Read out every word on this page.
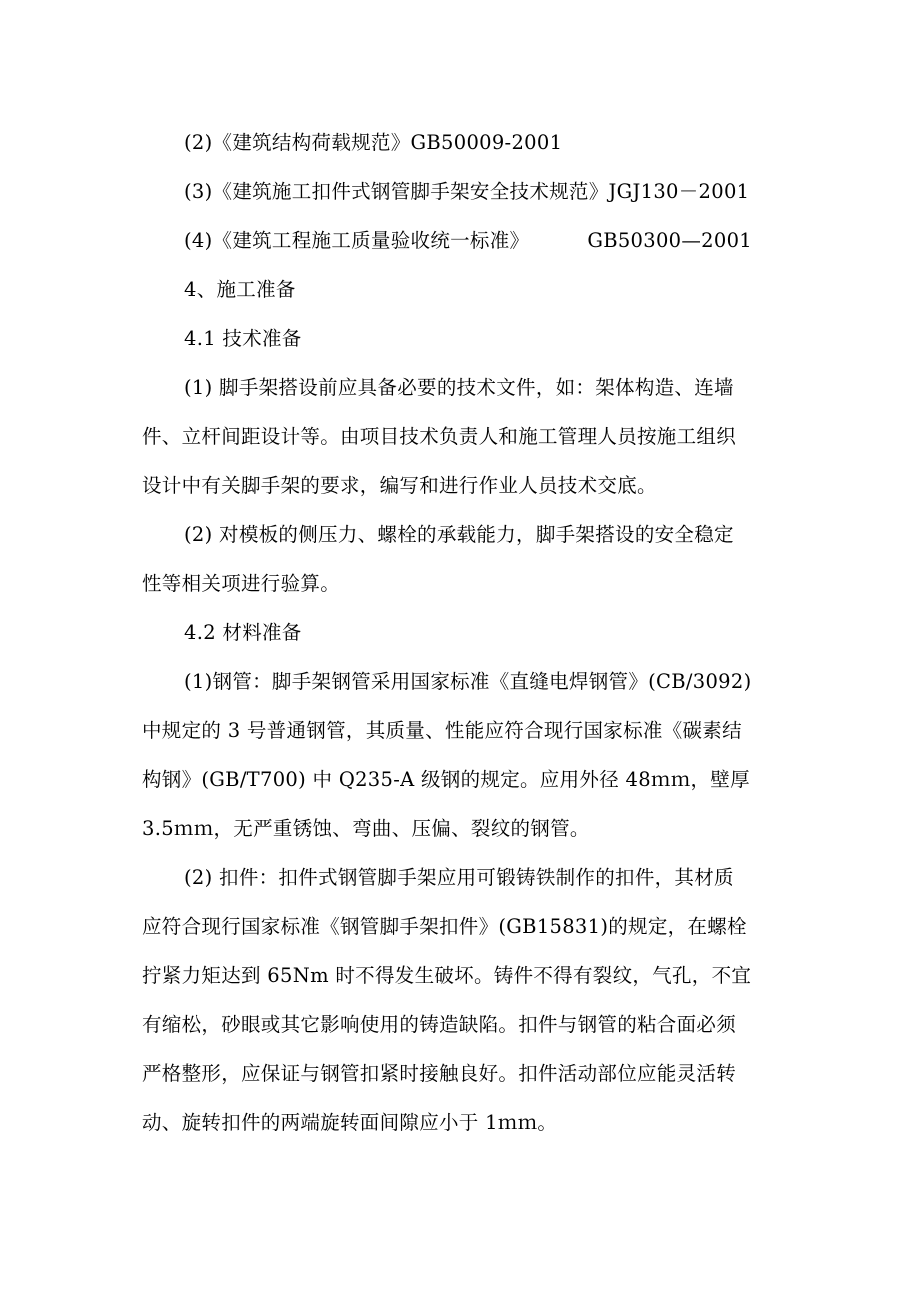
(2)《建筑结构荷载规范》GB50009-2001
(3)《建筑施工扣件式钢管脚手架安全技术规范》JGJ130－2001
(4)《建筑工程施工质量验收统一标准》	GB50300—2001
4、施工准备
4.1 技术准备
(1) 脚手架搭设前应具备必要的技术文件，如：架体构造、连墙
件、立杆间距设计等。由项目技术负责人和施工管理人员按施工组织
设计中有关脚手架的要求，编写和进行作业人员技术交底。
(2) 对模板的侧压力、螺栓的承载能力，脚手架搭设的安全稳定
性等相关项进行验算。
4.2 材料准备
(1)钢管：脚手架钢管采用国家标准《直缝电焊钢管》(CB/3092)
中规定的 3 号普通钢管，其质量、性能应符合现行国家标准《碳素结
构钢》(GB/T700) 中 Q235-A 级钢的规定。应用外径 48ｍｍ，壁厚
3.5ｍｍ，无严重锈蚀、弯曲、压偏、裂纹的钢管。
(2) 扣件：扣件式钢管脚手架应用可锻铸铁制作的扣件，其材质
应符合现行国家标准《钢管脚手架扣件》(GB15831)的规定，在螺栓
拧紧力矩达到 65Nm 时不得发生破坏。铸件不得有裂纹，气孔，不宜
有缩松，砂眼或其它影响使用的铸造缺陷。扣件与钢管的粘合面必须
严格整形，应保证与钢管扣紧时接触良好。扣件活动部位应能灵活转
动、旋转扣件的两端旋转面间隙应小于 1ｍｍ。
